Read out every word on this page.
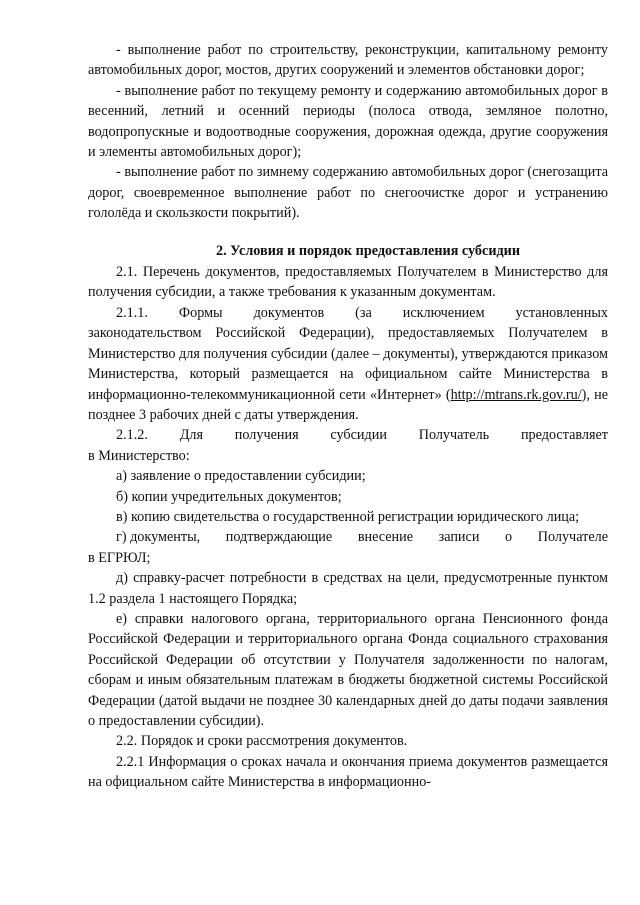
- выполнение работ по строительству, реконструкции, капитальному ремонту автомобильных дорог, мостов, других сооружений и элементов обстановки дорог;

- выполнение работ по текущему ремонту и содержанию автомобильных дорог в весенний, летний и осенний периоды (полоса отвода, земляное полотно, водопропускные и водоотводные сооружения, дорожная одежда, другие сооружения и элементы автомобильных дорог);

- выполнение работ по зимнему содержанию автомобильных дорог (снегозащита дорог, своевременное выполнение работ по снегоочистке дорог и устранению гололёда и скользкости покрытий).

2. Условия и порядок предоставления субсидии

2.1. Перечень документов, предоставляемых Получателем в Министерство для получения субсидии, а также требования к указанным документам.

2.1.1. Формы документов (за исключением установленных

законодательством Российской Федерации), предоставляемых Получателем в Министерство для получения субсидии (далее – документы), утверждаются приказом Министерства, который размещается на официальном сайте Министерства в информационно-телекоммуникационной сети «Интернет» (http://mtrans.rk.gov.ru/), не позднее 3 рабочих дней с даты утверждения.

2.1.2. Для получения субсидии Получатель предоставляет

в Министерство:

а) заявление о предоставлении субсидии;

б) копии учредительных документов;

в) копию свидетельства о государственной регистрации юридического лица;

г) документы, подтверждающие внесение записи о Получателе

в ЕГРЮЛ;

д) справку-расчет потребности в средствах на цели, предусмотренные пунктом 1.2 раздела 1 настоящего Порядка;

е) справки налогового органа, территориального органа Пенсионного фонда Российской Федерации и территориального органа Фонда социального страхования Российской Федерации об отсутствии у Получателя задолженности по налогам, сборам и иным обязательным платежам в бюджеты бюджетной системы Российской Федерации (датой выдачи не позднее 30 календарных дней до даты подачи заявления о предоставлении субсидии).

2.2. Порядок и сроки рассмотрения документов.

2.2.1 Информация о сроках начала и окончания приема документов размещается на официальном сайте Министерства в информационно-
